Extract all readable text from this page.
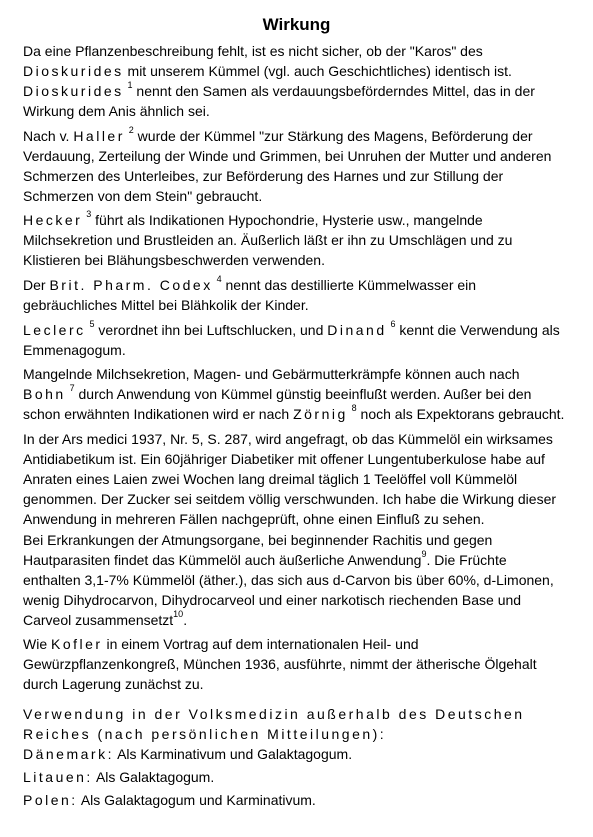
Wirkung
Da eine Pflanzenbeschreibung fehlt, ist es nicht sicher, ob der "Karos" des
Dioskurides mit unserem Kümmel (vgl. auch Geschichtliches) identisch ist.
Dioskurides $^1$ nennt den Samen als verdauungsbeförderndes Mittel, das in der
Wirkung dem Anis ähnlich sei.
Nach v. Haller $^2$ wurde der Kümmel "zur Stärkung des Magens, Beförderung der
Verdauung, Zerteilung der Winde und Grimmen, bei Unruhen der Mutter und anderen
Schmerzen des Unterleibes, zur Beförderung des Harnes und zur Stillung der
Schmerzen von dem Stein" gebraucht.
Hecker $^3$ führt als Indikationen Hypochondrie, Hysterie usw., mangelnde
Milchsekretion und Brustleiden an. Äußerlich läßt er ihn zu Umschlägen und zu
Klistieren bei Blähungsbeschwerden verwenden.
Der Brit. Pharm. Codex $^4$ nennt das destillierte Kümmelwasser ein
gebräuchliches Mittel bei Blähkolik der Kinder.
Leclerc $^5$ verordnet ihn bei Luftschlucken, und Dinand $^6$ kennt die Verwendung als
Emmenagogum.
Mangelnde Milchsekretion, Magen- und Gebärmutterkrämpfe können auch nach
Bohn $^7$ durch Anwendung von Kümmel günstig beeinflußt werden. Außer bei den
schon erwähnten Indikationen wird er nach Zörnig $^8$ noch als Expektorans gebraucht.
In der Ars medici 1937, Nr. 5, S. 287, wird angefragt, ob das Kümmelöl ein wirksames
Antidiabetikum ist. Ein 60jähriger Diabetiker mit offener Lungentuberkulose habe auf
Anraten eines Laien zwei Wochen lang dreimal täglich 1 Teelöffel voll Kümmelöl
genommen. Der Zucker sei seitdem völlig verschwunden. Ich habe die Wirkung dieser
Anwendung in mehreren Fällen nachgeprüft, ohne einen Einfluß zu sehen.
Bei Erkrankungen der Atmungsorgane, bei beginnender Rachitis und gegen
Hautparasiten findet das Kümmelöl auch äußerliche Anwendung$^9$. Die Früchte
enthalten 3,1-7% Kümmelöl (äther.), das sich aus d-Carvon bis über 60%, d-Limonen,
wenig Dihydrocarvon, Dihydrocarveol und einer narkotisch riechenden Base und
Carveol zusammensetzt$^{10}$.
Wie Kofler in einem Vortrag auf dem internationalen Heil- und
Gewürzpflanzenkongreß, München 1936, ausführte, nimmt der ätherische Ölgehalt
durch Lagerung zunächst zu.
Verwendung in der Volksmedizin außerhalb des Deutschen
Reiches (nach persönlichen Mitteilungen):
Dänemark: Als Karminativum und Galaktagogum.
Litauen: Als Galaktagogum.
Polen: Als Galaktagogum und Karminativum.
